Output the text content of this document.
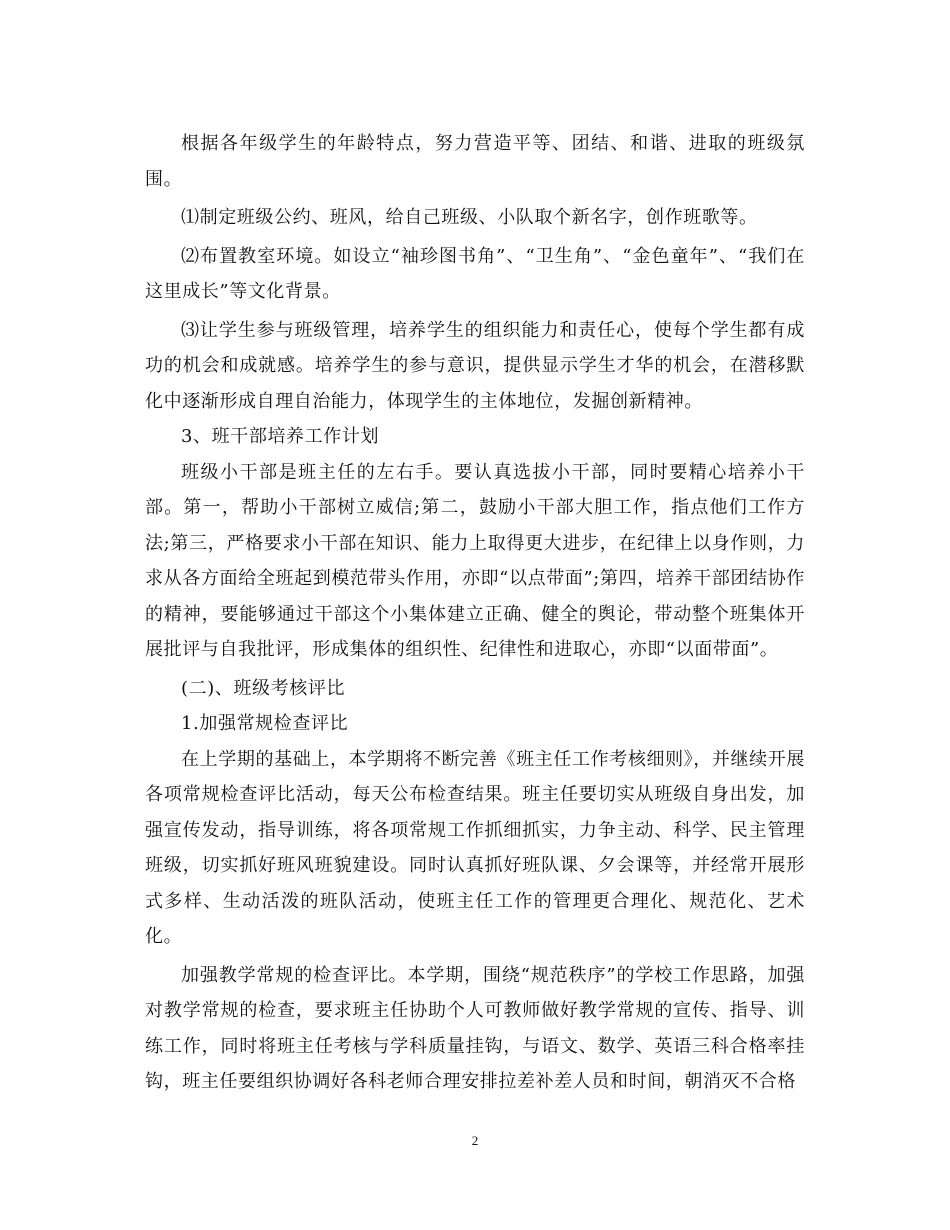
根据各年级学生的年龄特点，努力营造平等、团结、和谐、进取的班级氛围。

⑴制定班级公约、班风，给自己班级、小队取个新名字，创作班歌等。

⑵布置教室环境。如设立“袖珍图书角”、“卫生角”、“金色童年”、“我们在这里成长”等文化背景。

⑶让学生参与班级管理，培养学生的组织能力和责任心，使每个学生都有成功的机会和成就感。培养学生的参与意识，提供显示学生才华的机会，在潜移默化中逐渐形成自理自治能力，体现学生的主体地位，发掘创新精神。

3、班干部培养工作计划

班级小干部是班主任的左右手。要认真选拔小干部，同时要精心培养小干部。第一，帮助小干部树立威信;第二，鼓励小干部大胆工作，指点他们工作方法;第三，严格要求小干部在知识、能力上取得更大进步，在纪律上以身作则，力求从各方面给全班起到模范带头作用，亦即“以点带面”;第四，培养干部团结协作的精神，要能够通过干部这个小集体建立正确、健全的舆论，带动整个班集体开展批评与自我批评，形成集体的组织性、纪律性和进取心，亦即“以面带面”。

(二)、班级考核评比

1.加强常规检查评比

在上学期的基础上，本学期将不断完善《班主任工作考核细则》，并继续开展各项常规检查评比活动，每天公布检查结果。班主任要切实从班级自身出发，加强宣传发动，指导训练，将各项常规工作抓细抓实，力争主动、科学、民主管理班级，切实抓好班风班貌建设。同时认真抓好班队课、夕会课等，并经常开展形式多样、生动活泼的班队活动，使班主任工作的管理更合理化、规范化、艺术化。

加强教学常规的检查评比。本学期，围绕“规范秩序”的学校工作思路，加强对教学常规的检查，要求班主任协助个人可教师做好教学常规的宣传、指导、训练工作，同时将班主任考核与学科质量挂钩，与语文、数学、英语三科合格率挂钩，班主任要组织协调好各科老师合理安排拉差补差人员和时间，朝消灭不合格

2
